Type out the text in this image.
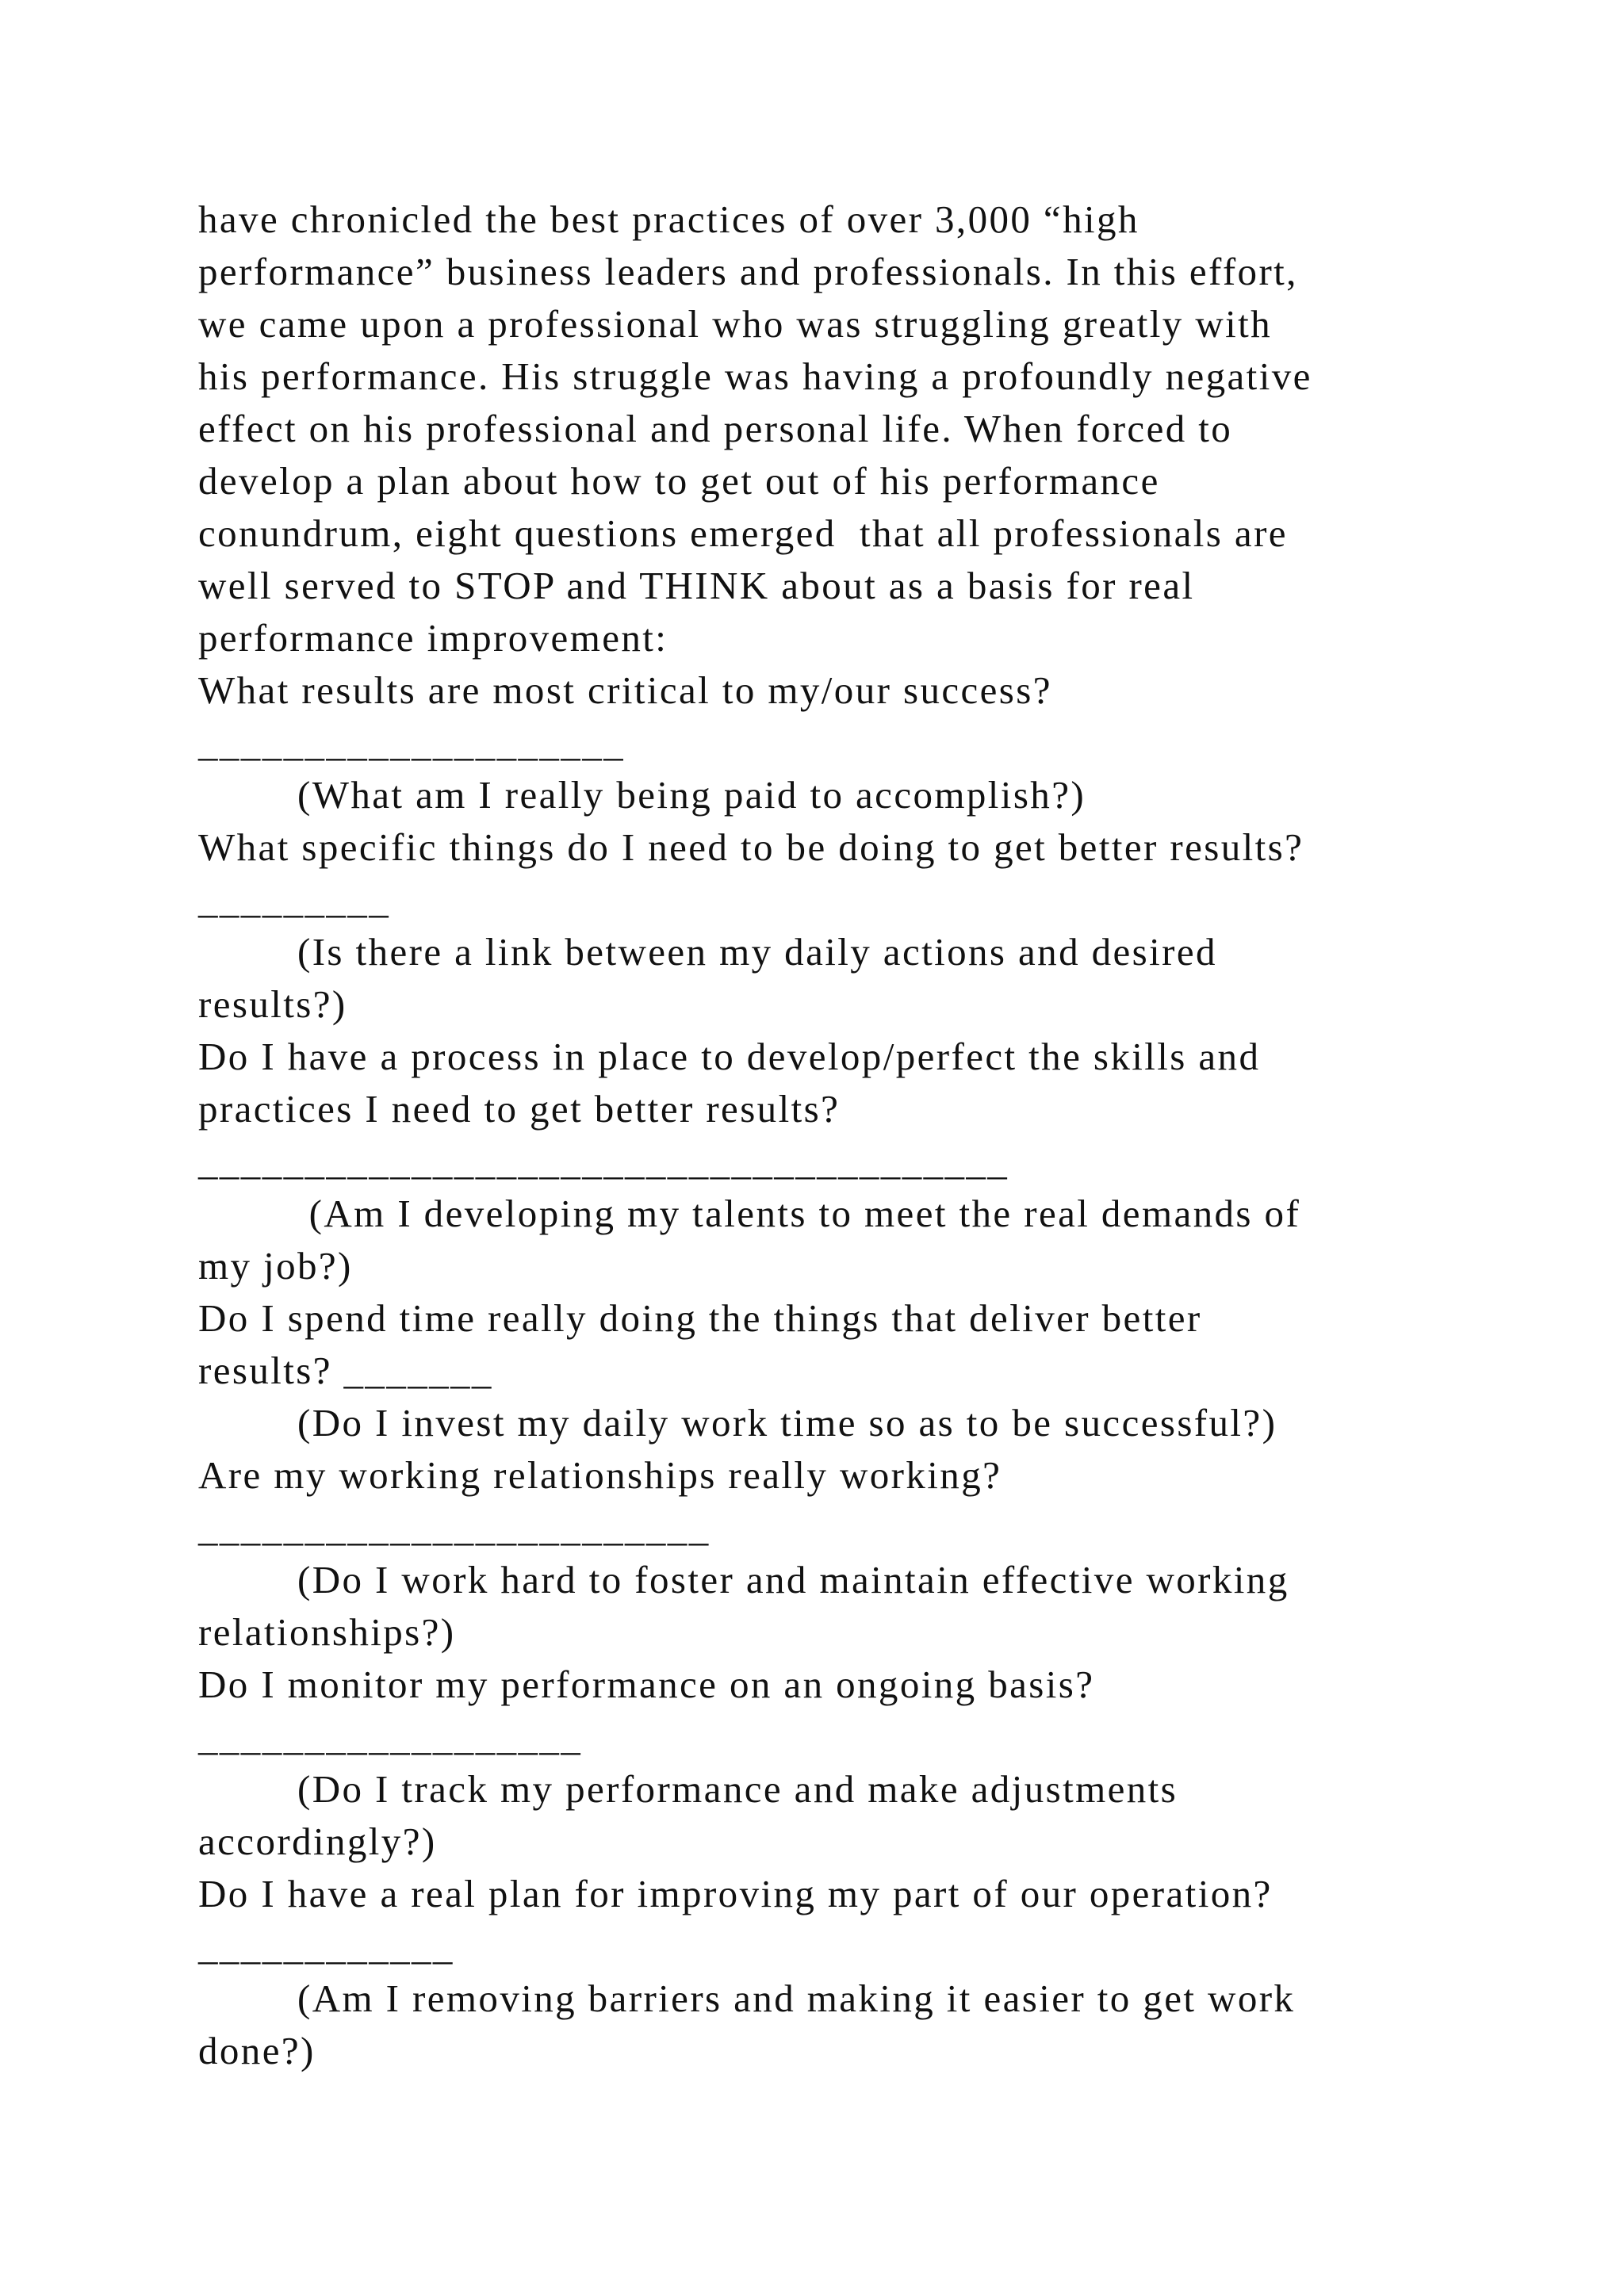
have chronicled the best practices of over 3,000 “high
performance” business leaders and professionals. In this effort,
we came upon a professional who was struggling greatly with
his performance. His struggle was having a profoundly negative
effect on his professional and personal life. When forced to
develop a plan about how to get out of his performance
conundrum, eight questions emerged  that all professionals are
well served to STOP and THINK about as a basis for real
performance improvement:
What results are most critical to my/our success?
____________________
(What am I really being paid to accomplish?)
What specific things do I need to be doing to get better results?
_________
(Is there a link between my daily actions and desired
results?)
Do I have a process in place to develop/perfect the skills and
practices I need to get better results?
______________________________________
(Am I developing my talents to meet the real demands of
my job?)
Do I spend time really doing the things that deliver better
results? _______
(Do I invest my daily work time so as to be successful?)
Are my working relationships really working?
________________________
(Do I work hard to foster and maintain effective working
relationships?)
Do I monitor my performance on an ongoing basis?
__________________
(Do I track my performance and make adjustments
accordingly?)
Do I have a real plan for improving my part of our operation?
____________
(Am I removing barriers and making it easier to get work
done?)
